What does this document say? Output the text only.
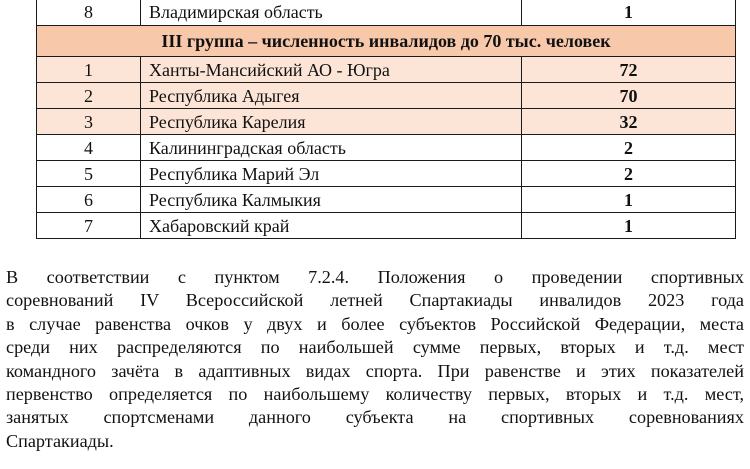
8	Владимирская область	1
III группа – численность инвалидов до 70 тыс. человек		
1	Ханты-Мансийский АО - Югра	72
2	Республика Адыгея	70
3	Республика Карелия	32
4	Калининградская область	2
5	Республика Марий Эл	2
6	Республика Калмыкия	1
7	Хабаровский край	1

В соответствии с пунктом 7.2.4. Положения о проведении спортивных
соревнований IV Всероссийской летней Спартакиады инвалидов 2023 года
в случае равенства очков у двух и более субъектов Российской Федерации, места
среди них распределяются по наибольшей сумме первых, вторых и т.д. мест
командного зачёта в адаптивных видах спорта. При равенстве и этих показателей
первенство определяется по наибольшему количеству первых, вторых и т.д. мест,
занятых спортсменами данного субъекта на спортивных соревнованиях
Спартакиады.
